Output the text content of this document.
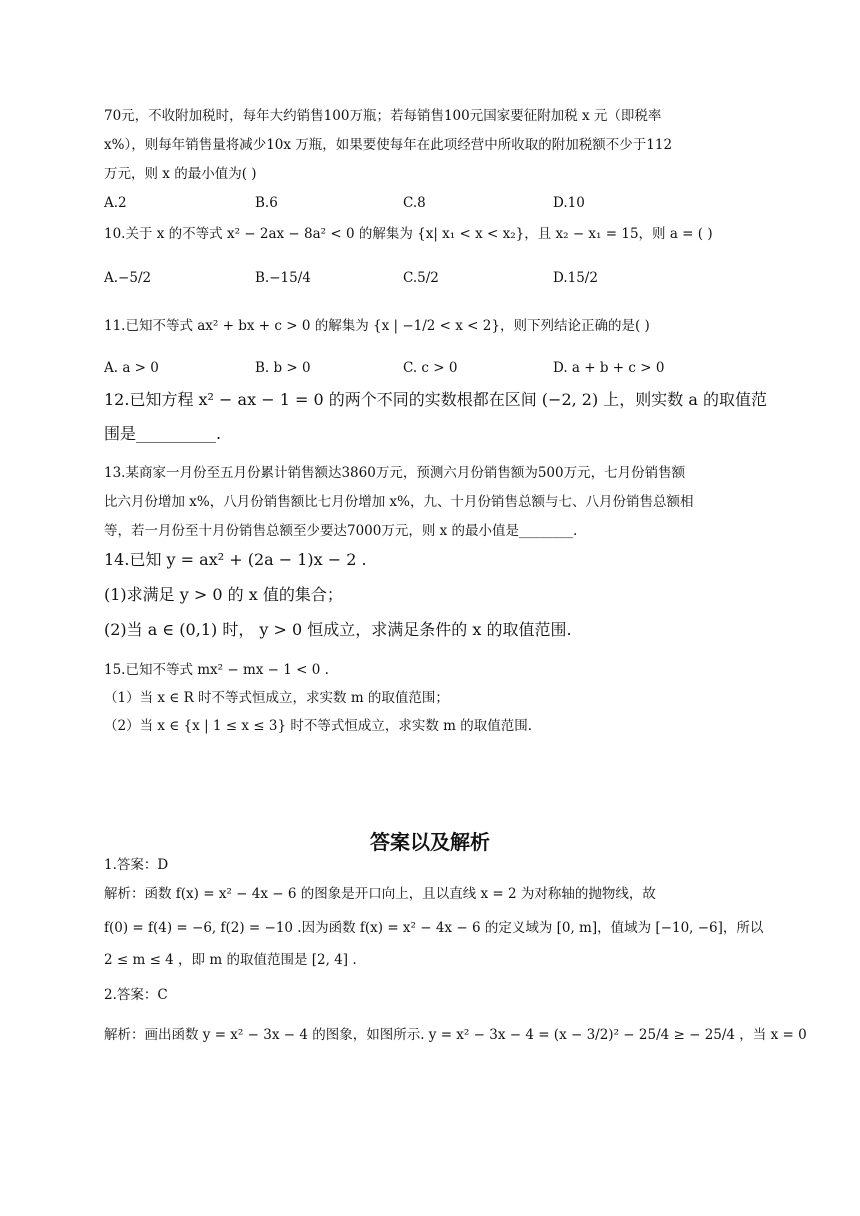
70元，不收附加税时，每年大约销售100万瓶；若每销售100元国家要征附加税 x 元（即税率
x%），则每年销售量将减少10x 万瓶，如果要使每年在此项经营中所收取的附加税额不少于112
万元，则 x 的最小值为( )
A.2	B.6	C.8	D.10
10.关于 x 的不等式 x² − 2ax − 8a² < 0 的解集为 {x| x₁ < x < x₂}，且 x₂ − x₁ = 15，则 a = ( )
A.−5/2	B.−15/4	C.5/2	D.15/2
11.已知不等式 ax² + bx + c > 0 的解集为 {x | −1/2 < x < 2}，则下列结论正确的是( )
A. a > 0	B. b > 0	C. c > 0	D. a + b + c > 0
12.已知方程 x² − ax − 1 = 0 的两个不同的实数根都在区间 (−2, 2) 上，则实数 a 的取值范
围是__________.
13.某商家一月份至五月份累计销售额达3860万元，预测六月份销售额为500万元，七月份销售额
比六月份增加 x%，八月份销售额比七月份增加 x%，九、十月份销售总额与七、八月份销售总额相
等，若一月份至十月份销售总额至少要达7000万元，则 x 的最小值是________.
14.已知 y = ax² + (2a − 1)x − 2 .
(1)求满足 y > 0 的 x 值的集合；
(2)当 a ∈ (0,1) 时， y > 0 恒成立，求满足条件的 x 的取值范围.
15.已知不等式 mx² − mx − 1 < 0 .
（1）当 x ∈ R 时不等式恒成立，求实数 m 的取值范围；
（2）当 x ∈ {x | 1 ≤ x ≤ 3} 时不等式恒成立，求实数 m 的取值范围.
答案以及解析
1.答案：D
解析：函数 f(x) = x² − 4x − 6 的图象是开口向上，且以直线 x = 2 为对称轴的抛物线，故
f(0) = f(4) = −6, f(2) = −10 .因为函数 f(x) = x² − 4x − 6 的定义域为 [0, m]，值域为 [−10, −6]，所以
2 ≤ m ≤ 4 ，即 m 的取值范围是 [2, 4] .
2.答案：C
解析：画出函数 y = x² − 3x − 4 的图象，如图所示. y = x² − 3x − 4 = (x − 3/2)² − 25/4 ≥ − 25/4 ，当 x = 0
